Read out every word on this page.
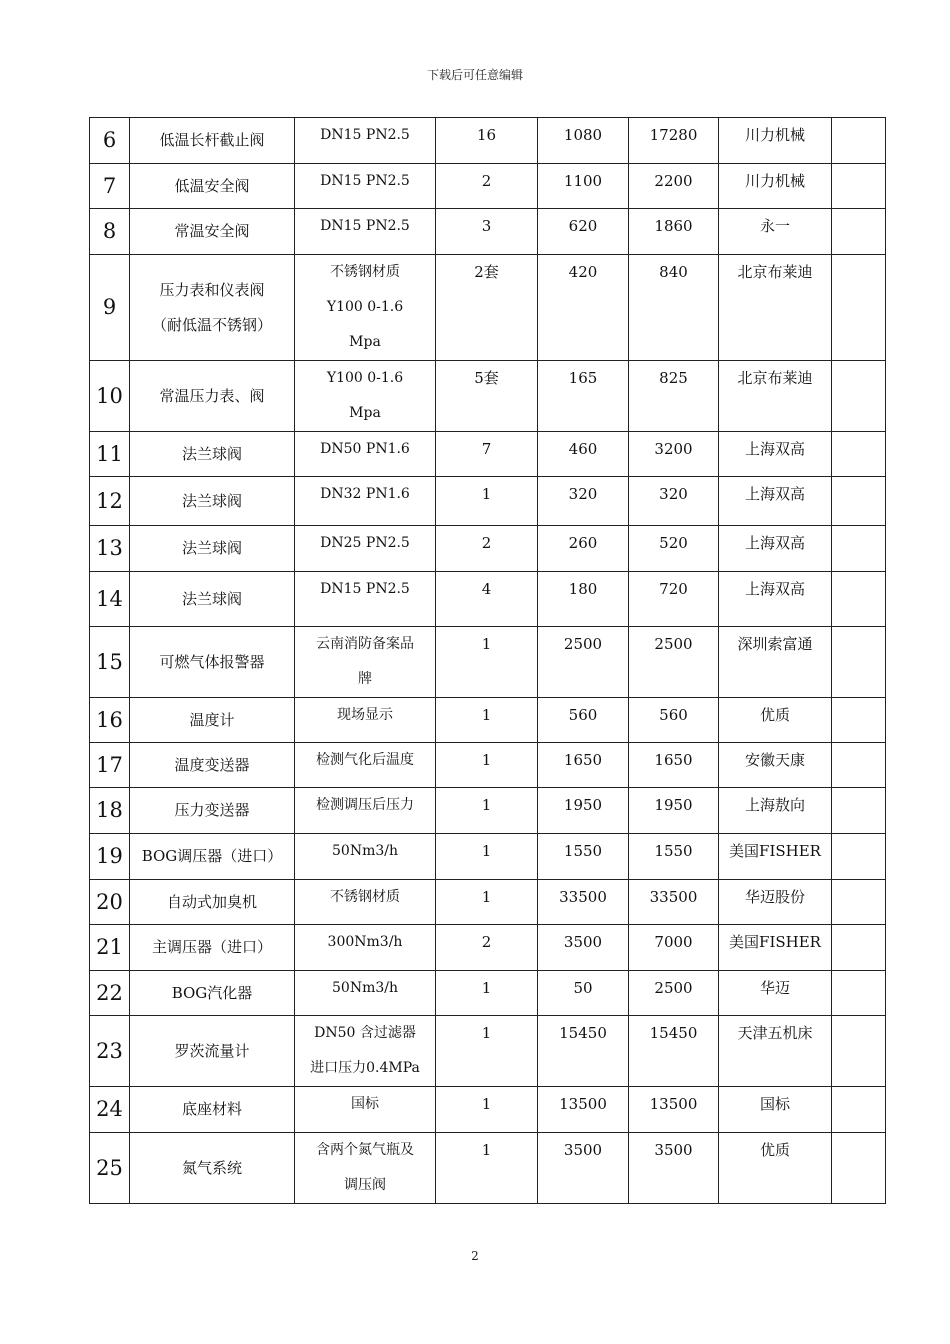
下载后可任意编辑
6	低温长杆截止阀	DN15 PN2.5	16	1080	17280	川力机械	
7	低温安全阀	DN15 PN2.5	2	1100	2200	川力机械	
8	常温安全阀	DN15 PN2.5	3	620	1860	永一	
9	压力表和仪表阀
（耐低温不锈钢）	不锈钢材质
Y100 0-1.6
Mpa	2套	420	840	北京布莱迪	
10	常温压力表、阀	Y100 0-1.6
Mpa	5套	165	825	北京布莱迪	
11	法兰球阀	DN50 PN1.6	7	460	3200	上海双高	
12	法兰球阀	DN32 PN1.6	1	320	320	上海双高	
13	法兰球阀	DN25 PN2.5	2	260	520	上海双高	
14	法兰球阀	DN15 PN2.5	4	180	720	上海双高	
15	可燃气体报警器	云南消防备案品
牌	1	2500	2500	深圳索富通	
16	温度计	现场显示	1	560	560	优质	
17	温度变送器	检测气化后温度	1	1650	1650	安徽天康	
18	压力变送器	检测调压后压力	1	1950	1950	上海敖向	
19	BOG调压器（进口）	50Nm3/h	1	1550	1550	美国FISHER	
20	自动式加臭机	不锈钢材质	1	33500	33500	华迈股份	
21	主调压器（进口）	300Nm3/h	2	3500	7000	美国FISHER	
22	BOG汽化器	50Nm3/h	1	50	2500	华迈	
23	罗茨流量计	DN50 含过滤器
进口压力0.4MPa	1	15450	15450	天津五机床	
24	底座材料	国标	1	13500	13500	国标	
25	氮气系统	含两个氮气瓶及
调压阀	1	3500	3500	优质	
2
